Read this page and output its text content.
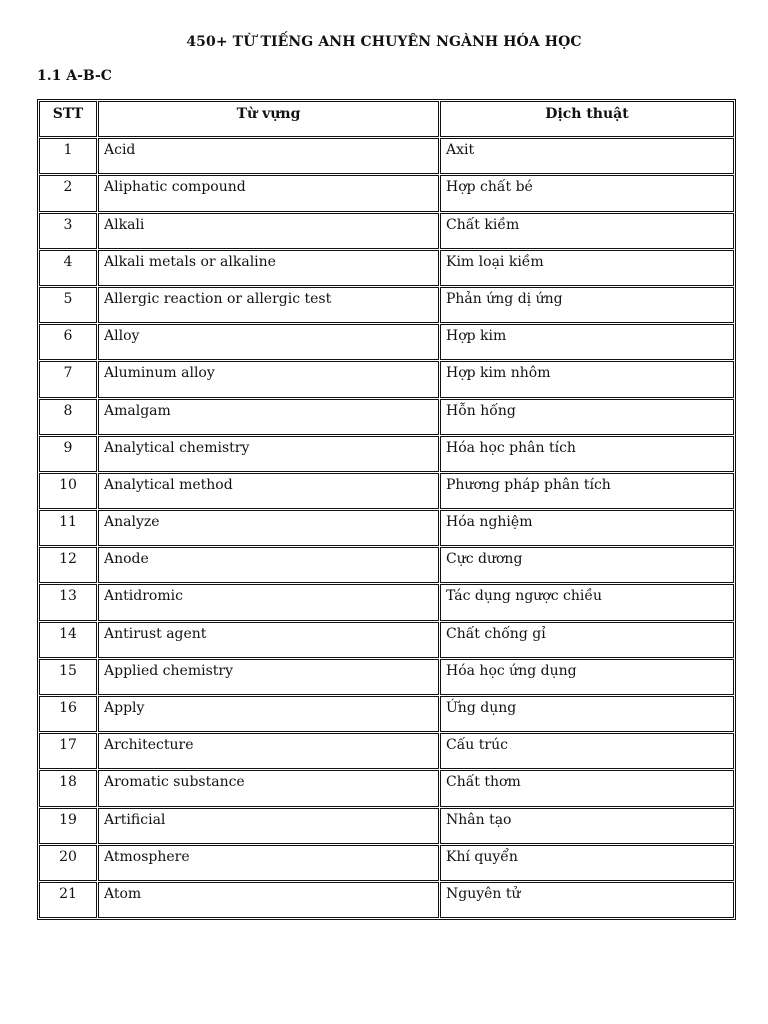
450+ TỪ TIẾNG ANH CHUYÊN NGÀNH HÓA HỌC
1.1 A-B-C
STT	Từ vựng	Dịch thuật
1	Acid	Axit
2	Aliphatic compound	Hợp chất bé
3	Alkali	Chất kiềm
4	Alkali metals or alkaline	Kim loại kiềm
5	Allergic reaction or allergic test	Phản ứng dị ứng
6	Alloy	Hợp kim
7	Aluminum alloy	Hợp kim nhôm
8	Amalgam	Hỗn hống
9	Analytical chemistry	Hóa học phân tích
10	Analytical method	Phương pháp phân tích
11	Analyze	Hóa nghiệm
12	Anode	Cực dương
13	Antidromic	Tác dụng ngược chiều
14	Antirust agent	Chất chống gỉ
15	Applied chemistry	Hóa học ứng dụng
16	Apply	Ứng dụng
17	Architecture	Cấu trúc
18	Aromatic substance	Chất thơm
19	Artificial	Nhân tạo
20	Atmosphere	Khí quyển
21	Atom	Nguyên tử
